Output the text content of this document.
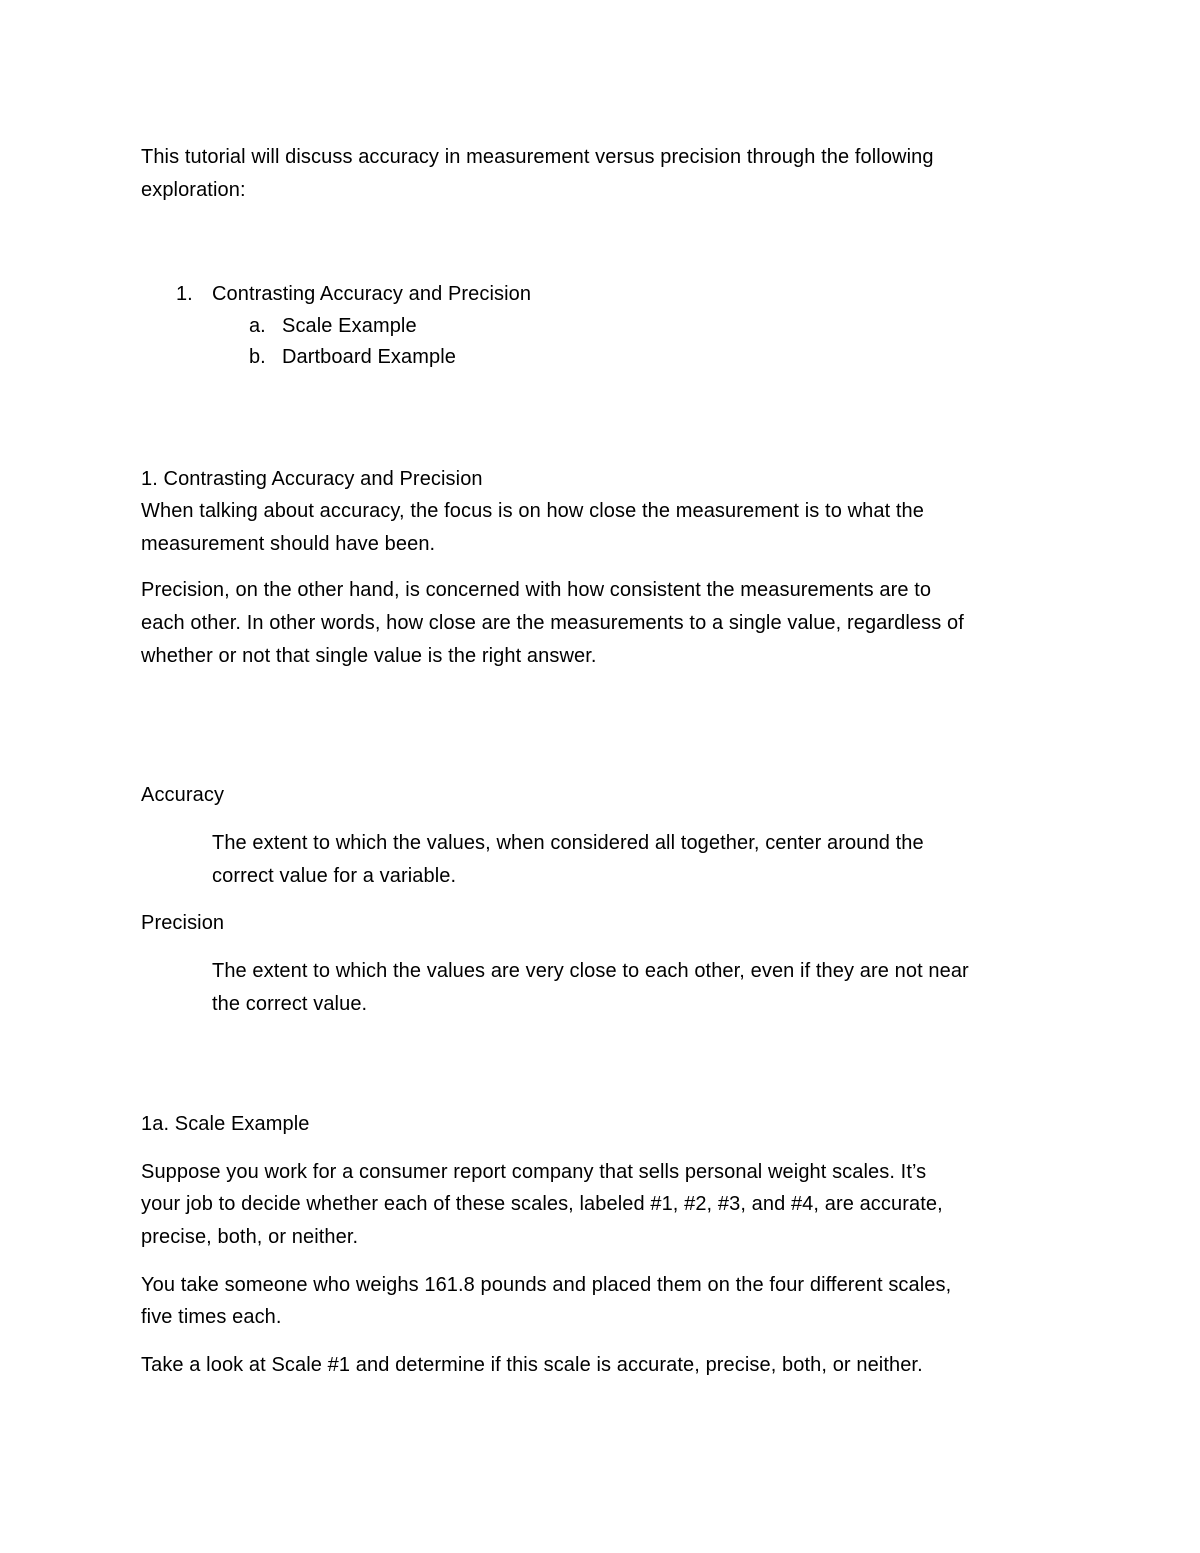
This tutorial will discuss accuracy in measurement versus precision through the following
exploration:
1. Contrasting Accuracy and Precision
a. Scale Example
b. Dartboard Example
1. Contrasting Accuracy and Precision
When talking about accuracy, the focus is on how close the measurement is to what the
measurement should have been.
Precision, on the other hand, is concerned with how consistent the measurements are to
each other. In other words, how close are the measurements to a single value, regardless of
whether or not that single value is the right answer.
Accuracy
The extent to which the values, when considered all together, center around the
correct value for a variable.
Precision
The extent to which the values are very close to each other, even if they are not near
the correct value.
1a. Scale Example
Suppose you work for a consumer report company that sells personal weight scales. It’s
your job to decide whether each of these scales, labeled #1, #2, #3, and #4, are accurate,
precise, both, or neither.
You take someone who weighs 161.8 pounds and placed them on the four different scales,
five times each.
Take a look at Scale #1 and determine if this scale is accurate, precise, both, or neither.
